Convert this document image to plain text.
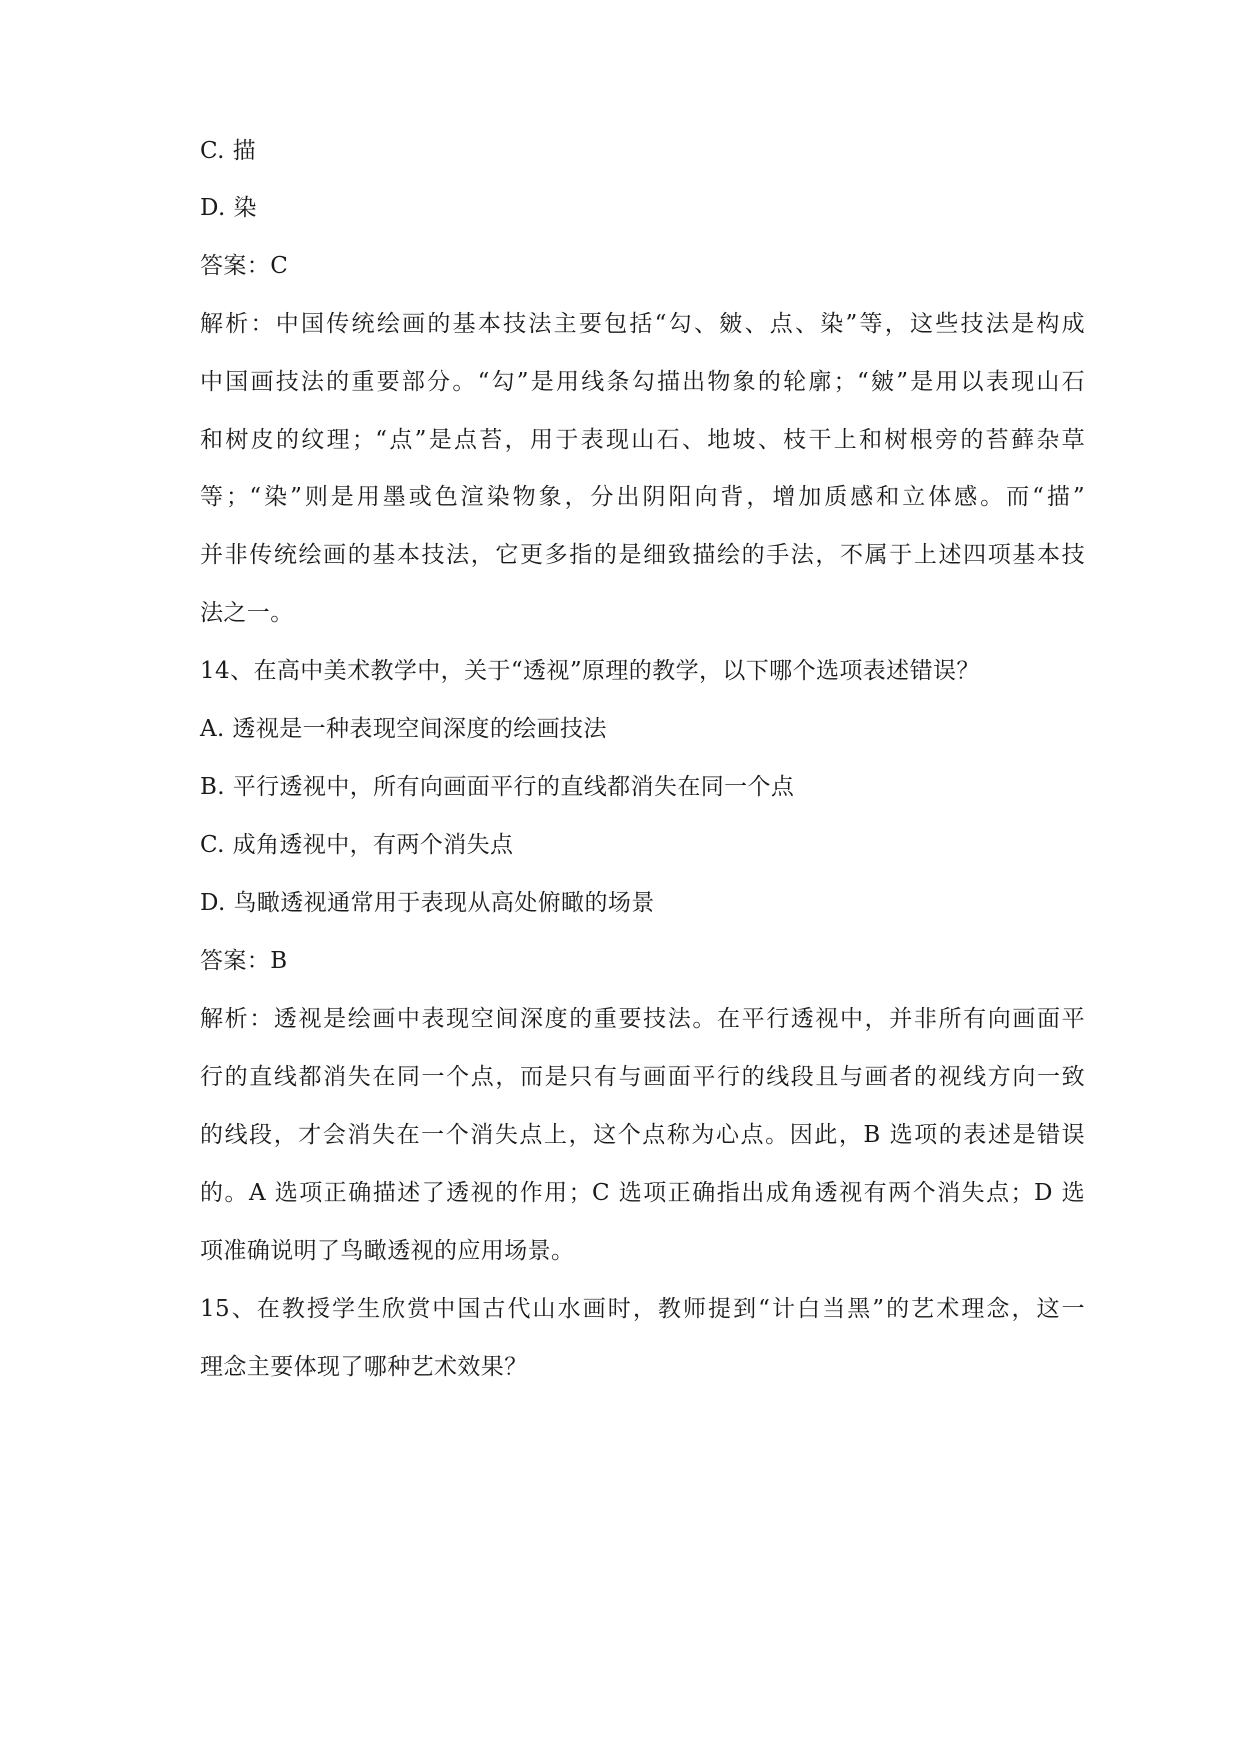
C. 描
D. 染
答案：C
解析：中国传统绘画的基本技法主要包括“勾、皴、点、染”等，这些技法是构成
中国画技法的重要部分。“勾”是用线条勾描出物象的轮廓；“皴”是用以表现山石
和树皮的纹理；“点”是点苔，用于表现山石、地坡、枝干上和树根旁的苔藓杂草
等；“染”则是用墨或色渲染物象，分出阴阳向背，增加质感和立体感。而“描”
并非传统绘画的基本技法，它更多指的是细致描绘的手法，不属于上述四项基本技
法之一。
14、在高中美术教学中，关于“透视”原理的教学，以下哪个选项表述错误？
A. 透视是一种表现空间深度的绘画技法
B. 平行透视中，所有向画面平行的直线都消失在同一个点
C. 成角透视中，有两个消失点
D. 鸟瞰透视通常用于表现从高处俯瞰的场景
答案：B
解析：透视是绘画中表现空间深度的重要技法。在平行透视中，并非所有向画面平
行的直线都消失在同一个点，而是只有与画面平行的线段且与画者的视线方向一致
的线段，才会消失在一个消失点上，这个点称为心点。因此，B 选项的表述是错误
的。A 选项正确描述了透视的作用；C 选项正确指出成角透视有两个消失点；D 选
项准确说明了鸟瞰透视的应用场景。
15、在教授学生欣赏中国古代山水画时，教师提到“计白当黑”的艺术理念，这一
理念主要体现了哪种艺术效果？
